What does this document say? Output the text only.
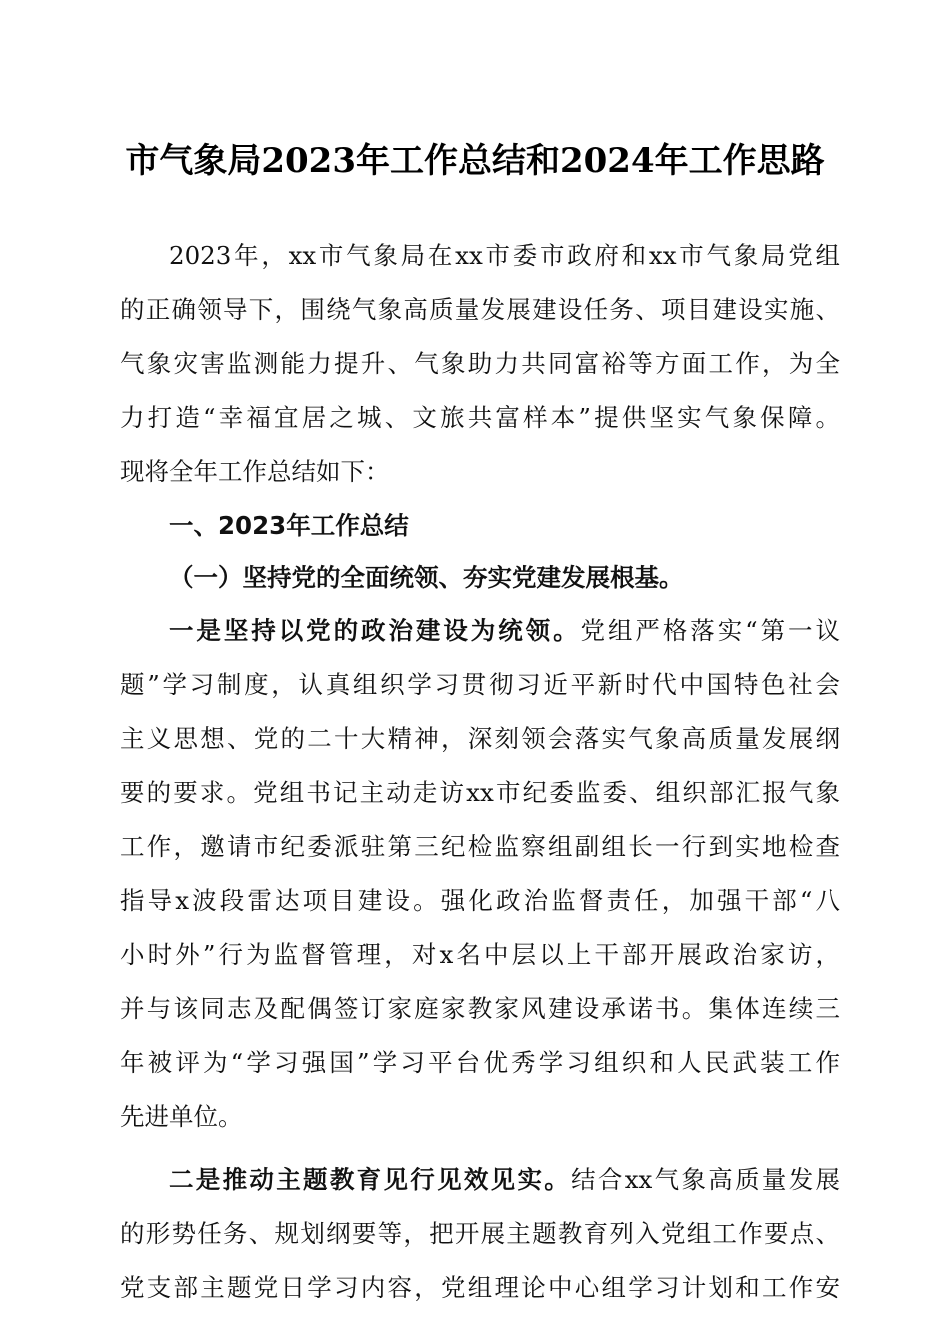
市气象局2023年工作总结和2024年工作思路
2023年，xx市气象局在xx市委市政府和xx市气象局党组
的正确领导下，围绕气象高质量发展建设任务、项目建设实施、
气象灾害监测能力提升、气象助力共同富裕等方面工作，为全
力打造“幸福宜居之城、文旅共富样本”提供坚实气象保障。
现将全年工作总结如下：
一、2023年工作总结
（一）坚持党的全面统领、夯实党建发展根基。
一是坚持以党的政治建设为统领。党组严格落实“第一议
题”学习制度，认真组织学习贯彻习近平新时代中国特色社会
主义思想、党的二十大精神，深刻领会落实气象高质量发展纲
要的要求。党组书记主动走访xx市纪委监委、组织部汇报气象
工作，邀请市纪委派驻第三纪检监察组副组长一行到实地检查
指导x波段雷达项目建设。强化政治监督责任，加强干部“八
小时外”行为监督管理，对x名中层以上干部开展政治家访，
并与该同志及配偶签订家庭家教家风建设承诺书。集体连续三
年被评为“学习强国”学习平台优秀学习组织和人民武装工作
先进单位。
二是推动主题教育见行见效见实。结合xx气象高质量发展
的形势任务、规划纲要等，把开展主题教育列入党组工作要点、
党支部主题党日学习内容，党组理论中心组学习计划和工作安
